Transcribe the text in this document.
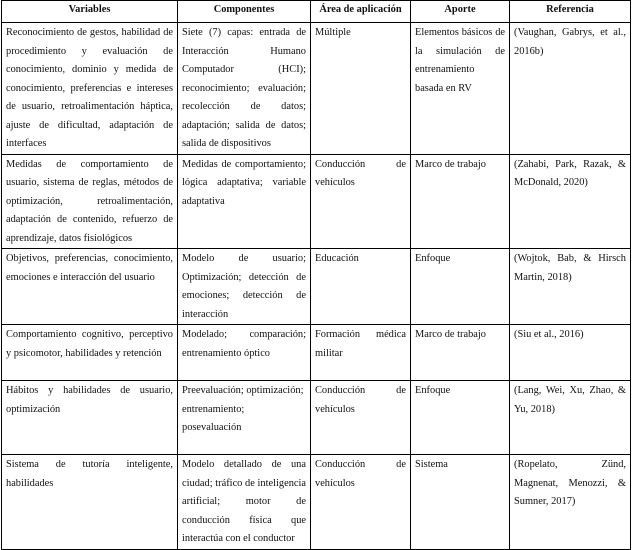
Variables	Componentes	Área de aplicación	Aporte	Referencia
Reconocimiento de gestos, habilidad de procedimiento y evaluación de conocimiento, dominio y medida de conocimiento, preferencias e intereses de usuario, retroalimentación háptica, ajuste de dificultad, adaptación de interfaces	Siete (7) capas: entrada de Interacción Humano Computador (HCI); reconocimiento; evaluación; recolección de datos; adaptación; salida de datos; salida de dispositivos	Múltiple	Elementos básicos de la simulación de entrenamiento basada en RV	(Vaughan, Gabrys, et al., 2016b)
Medidas de comportamiento de usuario, sistema de reglas, métodos de optimización, retroalimentación, adaptación de contenido, refuerzo de aprendizaje, datos fisiológicos	Medidas de comportamiento; lógica adaptativa; variable adaptativa	Conducción de vehículos	Marco de trabajo	(Zahabi, Park, Razak, & McDonald, 2020)
Objetivos, preferencias, conocimiento, emociones e interacción del usuario	Modelo de usuario; Optimización; detección de emociones; detección de interacción	Educación	Enfoque	(Wojtok, Bab, & Hirsch Martin, 2018)
Comportamiento cognitivo, perceptivo y psicomotor, habilidades y retención	Modelado; comparación; entrenamiento óptico	Formación médica militar	Marco de trabajo	(Siu et al., 2016)
Hábitos y habilidades de usuario, optimización	Preevaluación; optimización; entrenamiento; posevaluación	Conducción de vehículos	Enfoque	(Lang, Wei, Xu, Zhao, & Yu, 2018)
Sistema de tutoría inteligente, habilidades	Modelo detallado de una ciudad; tráfico de inteligencia artificial; motor de conducción física que interactúa con el conductor	Conducción de vehículos	Sistema	(Ropelato, Zünd, Magnenat, Menozzi, & Sumner, 2017)
